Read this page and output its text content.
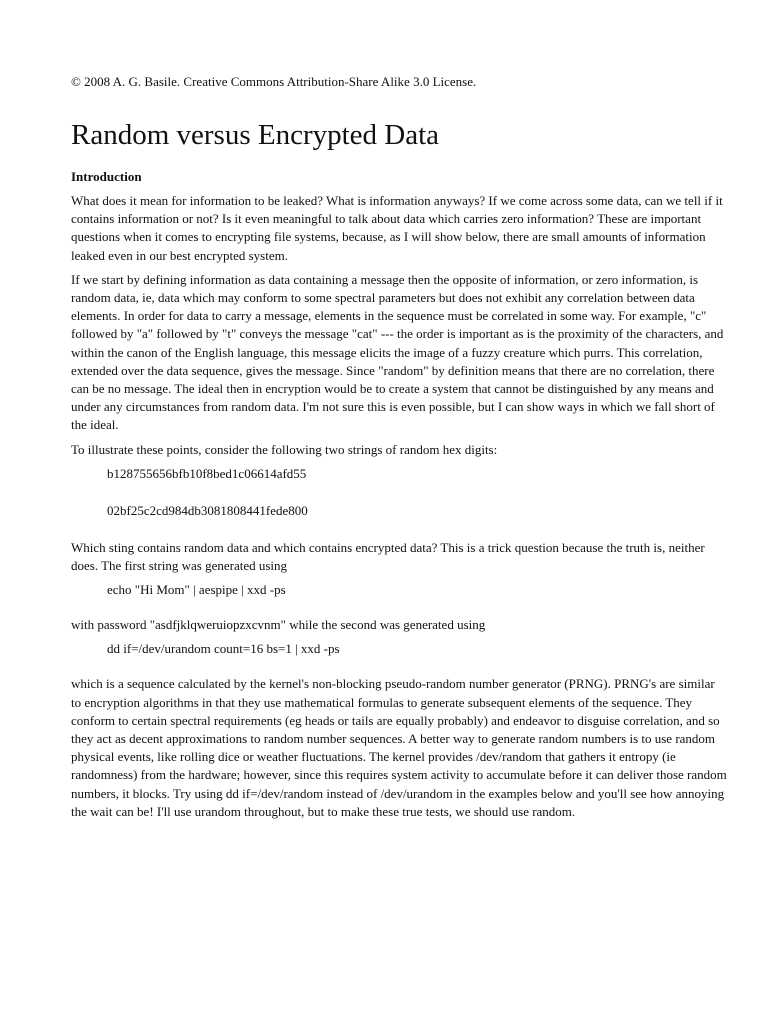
© 2008 A. G. Basile. Creative Commons Attribution-Share Alike 3.0 License.

Random versus Encrypted Data
Introduction

What does it mean for information to be leaked? What is information anyways? If we come across some data, can we tell if it contains information or not? Is it even meaningful to talk about data which carries zero information? These are important questions when it comes to encrypting file systems, because, as I will show below, there are small amounts of information leaked even in our best encrypted system.

If we start by defining information as data containing a message then the opposite of information, or zero information, is random data, ie, data which may conform to some spectral parameters but does not exhibit any correlation between data elements. In order for data to carry a message, elements in the sequence must be correlated in some way. For example, "c" followed by "a" followed by "t" conveys the message "cat" --- the order is important as is the proximity of the characters, and within the canon of the English language, this message elicits the image of a fuzzy creature which purrs. This correlation, extended over the data sequence, gives the message. Since "random" by definition means that there are no correlation, there can be no message. The ideal then in encryption would be to create a system that cannot be distinguished by any means and under any circumstances from random data. I'm not sure this is even possible, but I can show ways in which we fall short of the ideal.

To illustrate these points, consider the following two strings of random hex digits:

b128755656bfb10f8bed1c06614afd55
02bf25c2cd984db3081808441fede800

Which sting contains random data and which contains encrypted data? This is a trick question because the truth is, neither does. The first string was generated using

echo "Hi Mom" | aespipe | xxd -ps

with password "asdfjklqweruiopzxcvnm" while the second was generated using

dd if=/dev/urandom count=16 bs=1 | xxd -ps

which is a sequence calculated by the kernel's non-blocking pseudo-random number generator (PRNG). PRNG's are similar to encryption algorithms in that they use mathematical formulas to generate subsequent elements of the sequence. They conform to certain spectral requirements (eg heads or tails are equally probably) and endeavor to disguise correlation, and so they act as decent approximations to random number sequences. A better way to generate random numbers is to use random physical events, like rolling dice or weather fluctuations. The kernel provides /dev/random that gathers it entropy (ie randomness) from the hardware; however, since this requires system activity to accumulate before it can deliver those random numbers, it blocks. Try using dd if=/dev/random instead of /dev/urandom in the examples below and you'll see how annoying the wait can be! I'll use urandom throughout, but to make these true tests, we should use random.
